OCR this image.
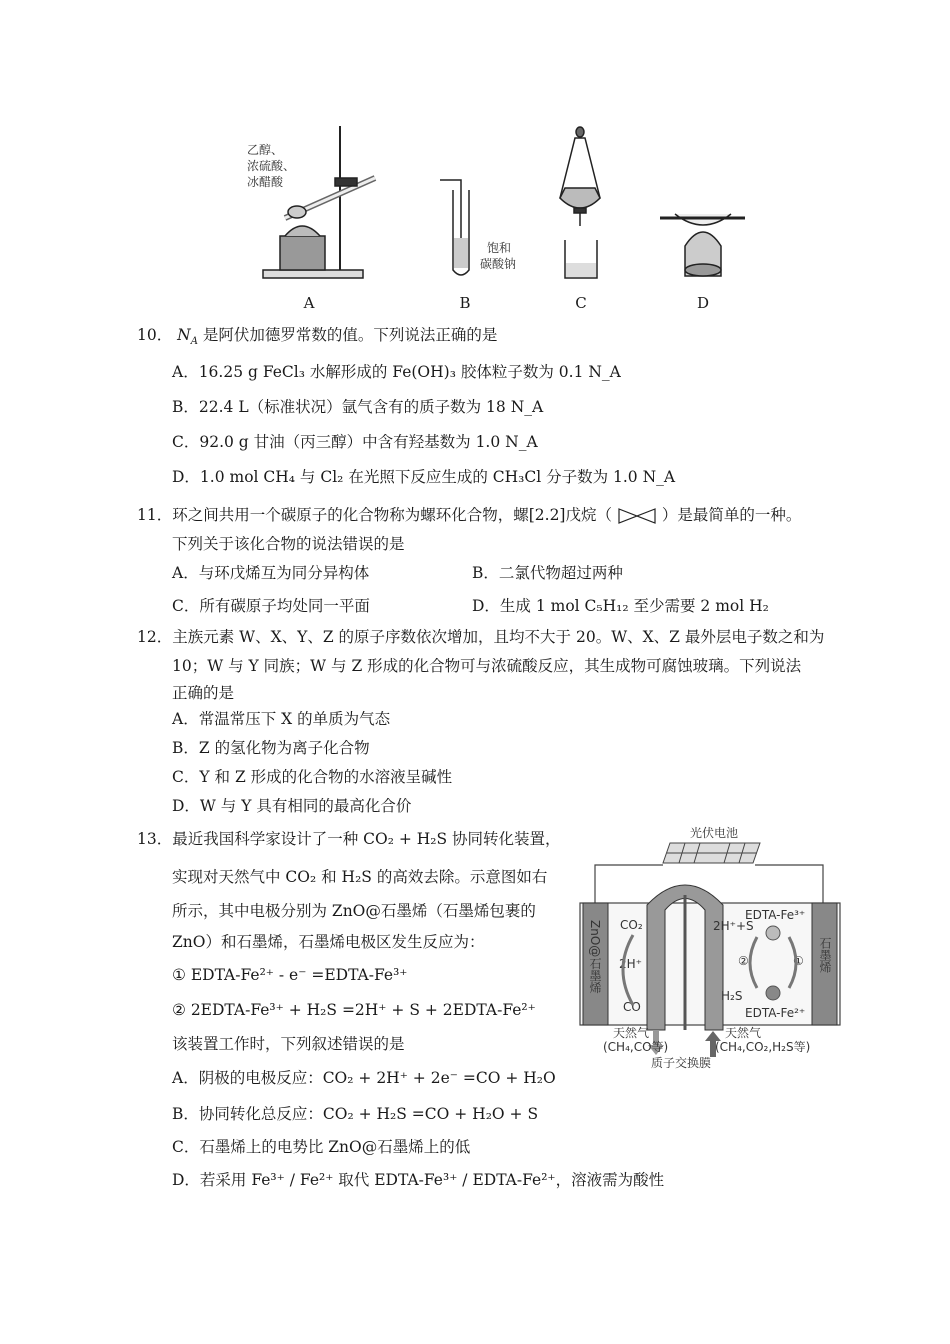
乙醇、
浓硫酸、
冰醋酸
饱和
碳酸钠
A	B	C	D
10． $N_A$ 是阿伏加德罗常数的值。下列说法正确的是
A．16.25 g FeCl₃ 水解形成的 Fe(OH)₃ 胶体粒子数为 0.1 N_A
B．22.4 L（标准状况）氩气含有的质子数为 18 N_A
C．92.0 g 甘油（丙三醇）中含有羟基数为 1.0 N_A
D．1.0 mol CH₄ 与 Cl₂ 在光照下反应生成的 CH₃Cl 分子数为 1.0 N_A
11．环之间共用一个碳原子的化合物称为螺环化合物，螺[2.2]戊烷（	）是最简单的一种。
下列关于该化合物的说法错误的是
A．与环戊烯互为同分异构体	B．二氯代物超过两种
C．所有碳原子均处同一平面	D．生成 1 mol C₅H₁₂ 至少需要 2 mol H₂
12．主族元素 W、X、Y、Z 的原子序数依次增加，且均不大于 20。W、X、Z 最外层电子数之和为
10；W 与 Y 同族；W 与 Z 形成的化合物可与浓硫酸反应，其生成物可腐蚀玻璃。下列说法
正确的是
A．常温常压下 X 的单质为气态
B．Z 的氢化物为离子化合物
C．Y 和 Z 形成的化合物的水溶液呈碱性
D．W 与 Y 具有相同的最高化合价
13．最近我国科学家设计了一种 CO₂ + H₂S 协同转化装置，
实现对天然气中 CO₂ 和 H₂S 的高效去除。示意图如右
所示，其中电极分别为 ZnO@石墨烯（石墨烯包裹的
ZnO）和石墨烯，石墨烯电极区发生反应为：
① EDTA-Fe²⁺ - e⁻ =EDTA-Fe³⁺
② 2EDTA-Fe³⁺ + H₂S =2H⁺ + S + 2EDTA-Fe²⁺
该装置工作时，下列叙述错误的是
A．阴极的电极反应：CO₂ + 2H⁺ + 2e⁻ =CO + H₂O
B．协同转化总反应：CO₂ + H₂S =CO + H₂O + S
C．石墨烯上的电势比 ZnO@石墨烯上的低
D．若采用 Fe³⁺ / Fe²⁺ 取代 EDTA-Fe³⁺ / EDTA-Fe²⁺，溶液需为酸性
光伏电池
ZnO@石墨烯	石墨烯
CO₂
2H⁺
CO
EDTA-Fe³⁺
2H⁺+S
EDTA-Fe²⁺
H₂S
②	①
天然气
(CH₄,CO等)
天然气
(CH₄,CO₂,H₂S等)
质子交换膜
